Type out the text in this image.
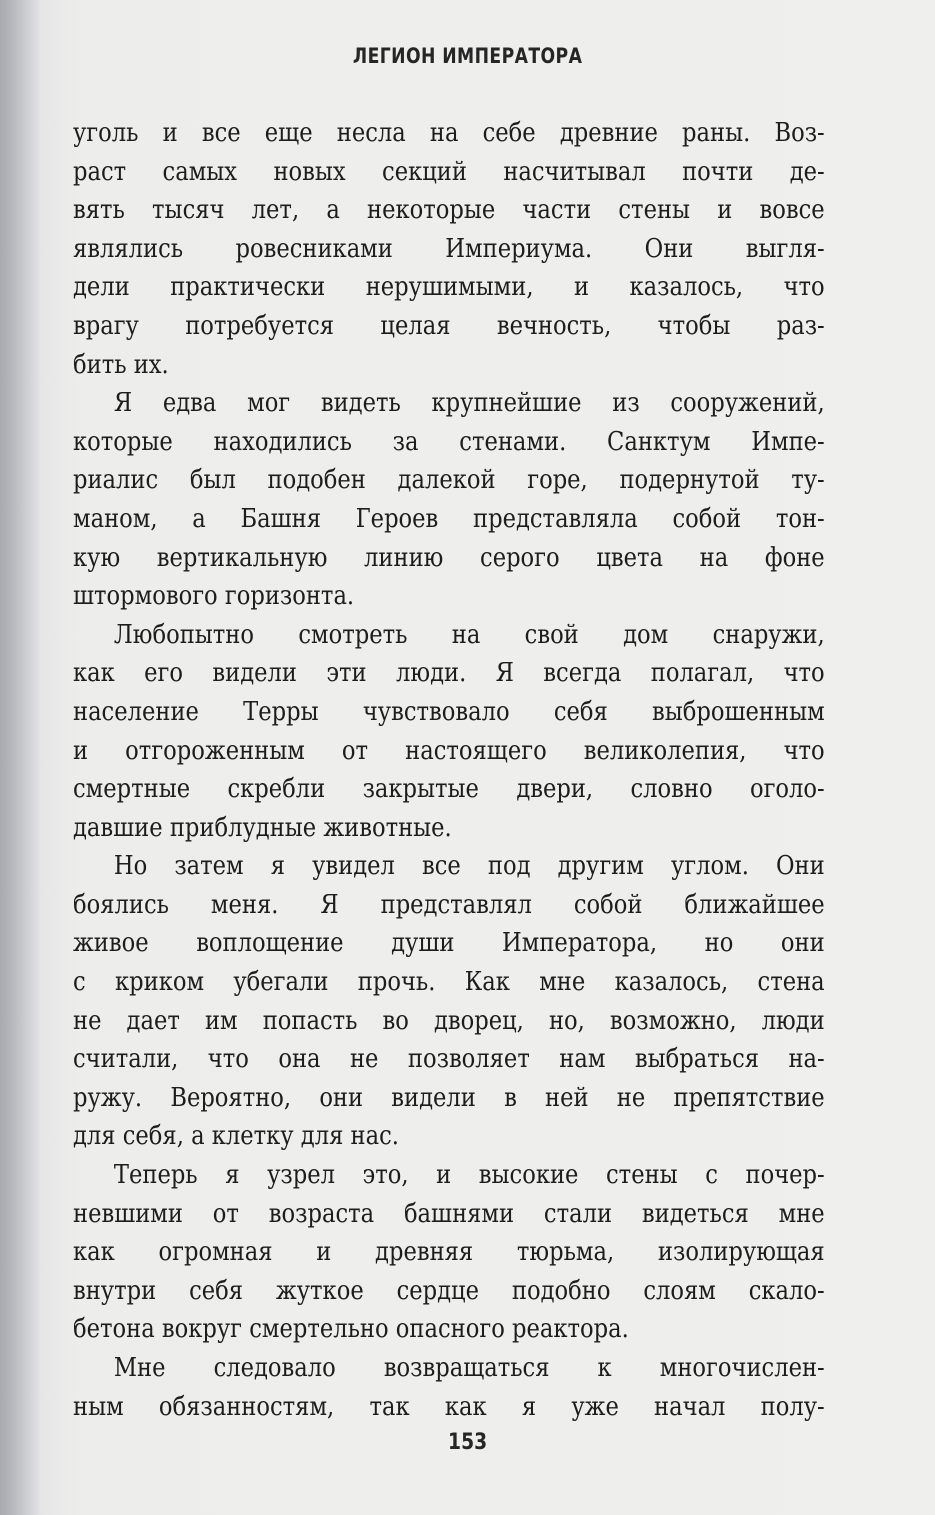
ЛЕГИОН ИМПЕРАТОРА
уголь и все еще несла на себе древние раны. Воз-
раст самых новых секций насчитывал почти де-
вять тысяч лет, а некоторые части стены и вовсе
являлись ровесниками Империума. Они выгля-
дели практически нерушимыми, и казалось, что
врагу потребуется целая вечность, чтобы раз-
бить их.
Я едва мог видеть крупнейшие из сооружений,
которые находились за стенами. Санктум Импе-
риалис был подобен далекой горе, подернутой ту-
маном, а Башня Героев представляла собой тон-
кую вертикальную линию серого цвета на фоне
штормового горизонта.
Любопытно смотреть на свой дом снаружи,
как его видели эти люди. Я всегда полагал, что
население Терры чувствовало себя выброшенным
и отгороженным от настоящего великолепия, что
смертные скребли закрытые двери, словно оголо-
давшие приблудные животные.
Но затем я увидел все под другим углом. Они
боялись меня. Я представлял собой ближайшее
живое воплощение души Императора, но они
с криком убегали прочь. Как мне казалось, стена
не дает им попасть во дворец, но, возможно, люди
считали, что она не позволяет нам выбраться на-
ружу. Вероятно, они видели в ней не препятствие
для себя, а клетку для нас.
Теперь я узрел это, и высокие стены с почер-
невшими от возраста башнями стали видеться мне
как огромная и древняя тюрьма, изолирующая
внутри себя жуткое сердце подобно слоям скало-
бетона вокруг смертельно опасного реактора.
Мне следовало возвращаться к многочислен-
ным обязанностям, так как я уже начал полу-
153
